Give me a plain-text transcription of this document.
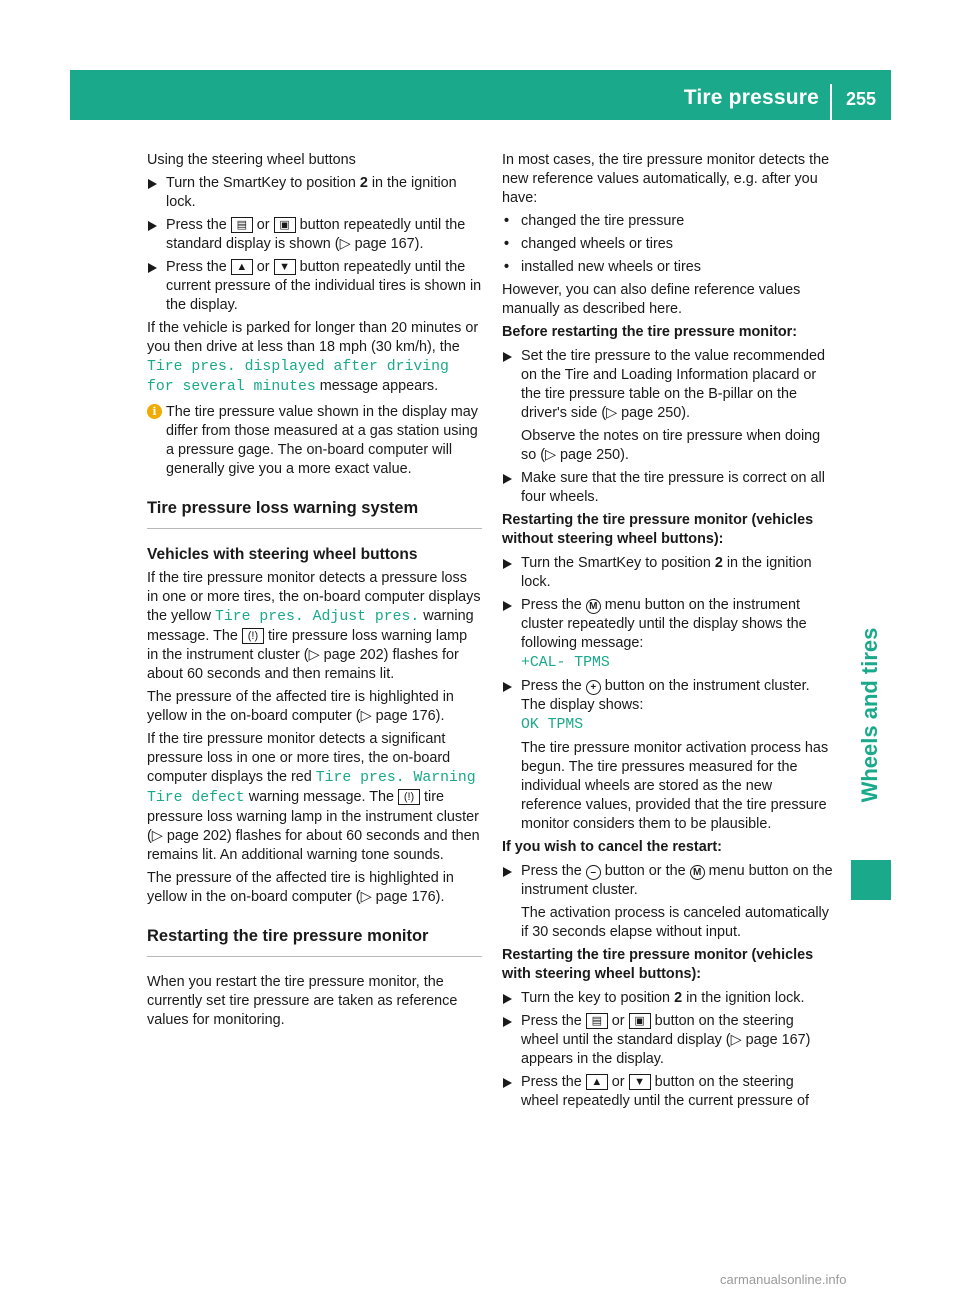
Tire pressure 255
Wheels and tires

Using the steering wheel buttons

Turn the SmartKey to position 2 in the ignition lock.
Press the ▤ or ▣ button repeatedly until the standard display is shown (▷ page 167).
Press the ▲ or ▼ button repeatedly until the current pressure of the individual tires is shown in the display.

If the vehicle is parked for longer than 20 minutes or you then drive at less than 18 mph (30 km/h), the Tire pres. displayed after driving for several minutes message appears.

i The tire pressure value shown in the display may differ from those measured at a gas station using a pressure gage. The on-board computer will generally give you a more exact value.
Tire pressure loss warning system
Vehicles with steering wheel buttons

If the tire pressure monitor detects a pressure loss in one or more tires, the on-board computer displays the yellow Tire pres. Adjust pres. warning message. The (!) tire pressure loss warning lamp in the instrument cluster (▷ page 202) flashes for about 60 seconds and then remains lit.

The pressure of the affected tire is highlighted in yellow in the on-board computer (▷ page 176).

If the tire pressure monitor detects a significant pressure loss in one or more tires, the on-board computer displays the red Tire pres. Warning Tire defect warning message. The (!) tire pressure loss warning lamp in the instrument cluster (▷ page 202) flashes for about 60 seconds and then remains lit. An additional warning tone sounds.

The pressure of the affected tire is highlighted in yellow in the on-board computer (▷ page 176).

Restarting the tire pressure monitor

When you restart the tire pressure monitor, the currently set tire pressure are taken as reference values for monitoring.

In most cases, the tire pressure monitor detects the new reference values automatically, e.g. after you have:

• changed the tire pressure
• changed wheels or tires
• installed new wheels or tires

However, you can also define reference values manually as described here.

Before restarting the tire pressure monitor:

Set the tire pressure to the value recommended on the Tire and Loading Information placard or the tire pressure table on the B-pillar on the driver's side (▷ page 250).

Observe the notes on tire pressure when doing so (▷ page 250).

Make sure that the tire pressure is correct on all four wheels.

Restarting the tire pressure monitor (vehicles without steering wheel buttons):

Turn the SmartKey to position 2 in the ignition lock.
Press the M menu button on the instrument cluster repeatedly until the display shows the following message:
+CAL- TPMS
Press the + button on the instrument cluster.
The display shows:
OK TPMS

The tire pressure monitor activation process has begun. The tire pressures measured for the individual wheels are stored as the new reference values, provided that the tire pressure monitor considers them to be plausible.

If you wish to cancel the restart:

Press the – button or the M menu button on the instrument cluster.

The activation process is canceled automatically if 30 seconds elapse without input.

Restarting the tire pressure monitor (vehicles with steering wheel buttons):

Turn the key to position 2 in the ignition lock.
Press the ▤ or ▣ button on the steering wheel until the standard display (▷ page 167) appears in the display.
Press the ▲ or ▼ button on the steering wheel repeatedly until the current pressure of
carmanualsonline.info
